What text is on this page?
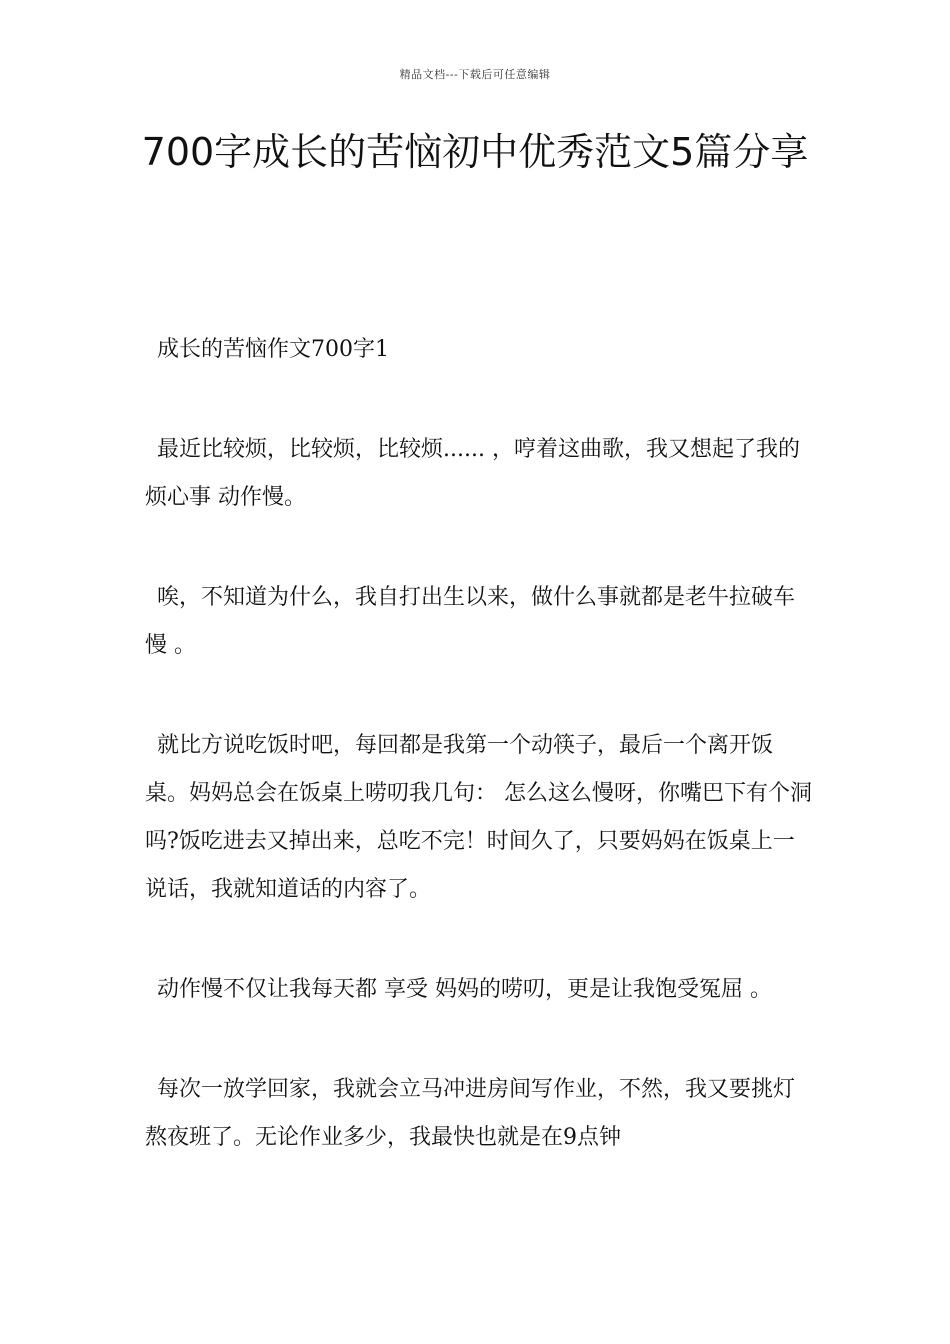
精品文档---下载后可任意编辑
700字成长的苦恼初中优秀范文5篇分享

成长的苦恼作文700字1

最近比较烦，比较烦，比较烦...... ，哼着这曲歌，我又想起了我的烦心事 动作慢。

唉，不知道为什么，我自打出生以来，做什么事就都是老牛拉破车 慢 。

就比方说吃饭时吧，每回都是我第一个动筷子，最后一个离开饭桌。妈妈总会在饭桌上唠叨我几句： 怎么这么慢呀，你嘴巴下有个洞吗?饭吃进去又掉出来，总吃不完！时间久了，只要妈妈在饭桌上一说话，我就知道话的内容了。

动作慢不仅让我每天都 享受 妈妈的唠叨，更是让我饱受冤屈 。

每次一放学回家，我就会立马冲进房间写作业，不然，我又要挑灯熬夜班了。无论作业多少，我最快也就是在9点钟
